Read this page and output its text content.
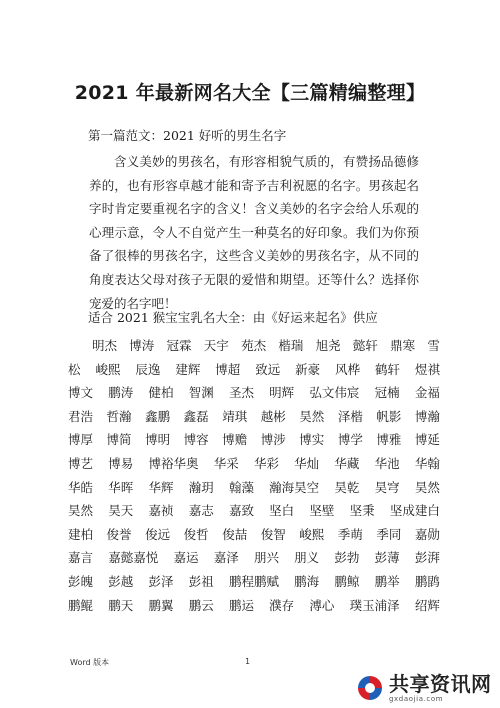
2021 年最新网名大全【三篇精编整理】
第一篇范文：2021 好听的男生名字
含义美妙的男孩名，有形容相貌气质的，有赞扬品德修养的，也有形容卓越才能和寄予吉利祝愿的名字。男孩起名字时肯定要重视名字的含义！含义美妙的名字会给人乐观的心理示意，令人不自觉产生一种莫名的好印象。我们为你预备了很棒的男孩名字，这些含义美妙的男孩名字，从不同的角度表达父母对孩子无限的爱惜和期望。还等什么？选择你宠爱的名字吧！
适合 2021 猴宝宝乳名大全：由《好运来起名》供应
明杰 博涛 冠霖 天宇 苑杰 楷瑞 旭尧 懿轩 鼎寒 雪
松 峻熙 辰逸 建辉 博超 致远 新豪 风桦 鹤轩 煜祺
博文 鹏涛 健柏 智渊 圣杰 明辉 弘文伟宸 冠楠 金福
君浩 哲瀚 鑫鹏 鑫磊 靖琪 越彬 昊然 泽楷 帆影 博瀚
博厚 博简 博明 博容 博赡 博涉 博实 博学 博雅 博延
博艺 博易 博裕华奥 华采 华彩 华灿 华藏 华池 华翰
华皓 华晖 华辉 瀚玥 翰藻 瀚海昊空 昊乾 昊穹 昊然
昊然 昊天 嘉祯 嘉志 嘉致 坚白 坚壁 坚秉 坚成建白
建柏 俊誉 俊远 俊哲 俊喆 俊智 峻熙 季萌 季同 嘉勋
嘉言 嘉懿嘉悦 嘉运 嘉泽 朋兴 朋义 彭勃 彭薄 彭湃
彭魄 彭越 彭泽 彭祖 鹏程鹏赋 鹏海 鹏鲸 鹏举 鹏鹍
鹏鲲 鹏天 鹏翼 鹏云 鹏运 濮存 溥心 璞玉浦泽 绍辉
Word 版本	1
共享资讯网
gxdaojia.com
